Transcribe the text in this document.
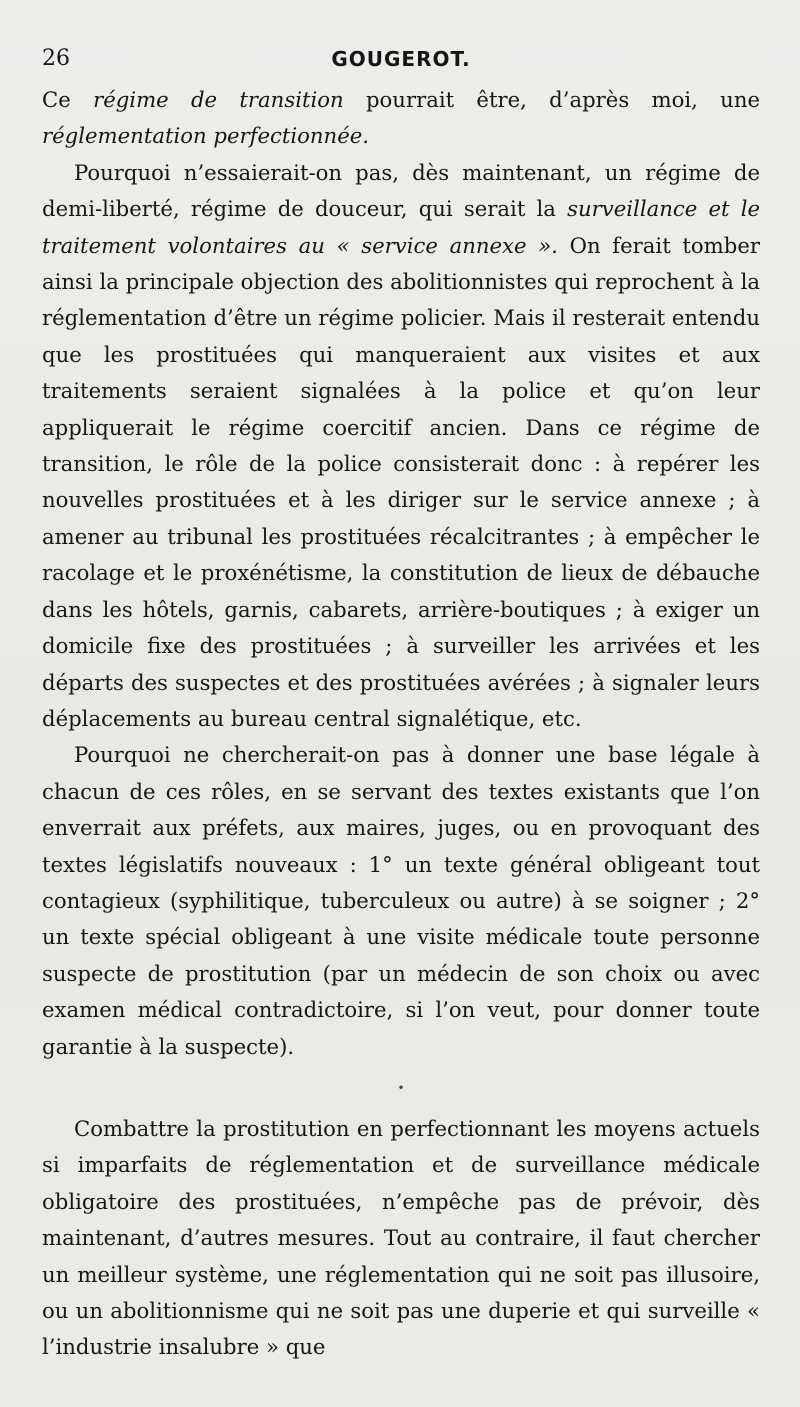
26	GOUGEROT.

Ce régime de transition pourrait être, d’après moi, une réglementation perfectionnée.

Pourquoi n’essaierait-on pas, dès maintenant, un régime de demi-liberté, régime de douceur, qui serait la surveillance et le traitement volontaires au « service annexe ». On ferait tomber ainsi la principale objection des abolitionnistes qui reprochent à la réglementation d’être un régime policier. Mais il resterait entendu que les prostituées qui manqueraient aux visites et aux traitements seraient signalées à la police et qu’on leur appliquerait le régime coercitif ancien. Dans ce régime de transition, le rôle de la police consisterait donc : à repérer les nouvelles prostituées et à les diriger sur le service annexe ; à amener au tribunal les prostituées récalcitrantes ; à empêcher le racolage et le proxénétisme, la constitution de lieux de débauche dans les hôtels, garnis, cabarets, arrière-boutiques ; à exiger un domicile fixe des prostituées ; à surveiller les arrivées et les départs des suspectes et des prostituées avérées ; à signaler leurs déplacements au bureau central signalétique, etc.

Pourquoi ne chercherait-on pas à donner une base légale à chacun de ces rôles, en se servant des textes existants que l’on enverrait aux préfets, aux maires, juges, ou en provoquant des textes législatifs nouveaux : 1° un texte général obligeant tout contagieux (syphilitique, tuberculeux ou autre) à se soigner ; 2° un texte spécial obligeant à une visite médicale toute personne suspecte de prostitution (par un médecin de son choix ou avec examen médical contradictoire, si l’on veut, pour donner toute garantie à la suspecte).

•

Combattre la prostitution en perfectionnant les moyens actuels si imparfaits de réglementation et de surveillance médicale obligatoire des prostituées, n’empêche pas de prévoir, dès maintenant, d’autres mesures. Tout au contraire, il faut chercher un meilleur système, une réglementation qui ne soit pas illusoire, ou un abolitionnisme qui ne soit pas une duperie et qui surveille « l’industrie insalubre » que
